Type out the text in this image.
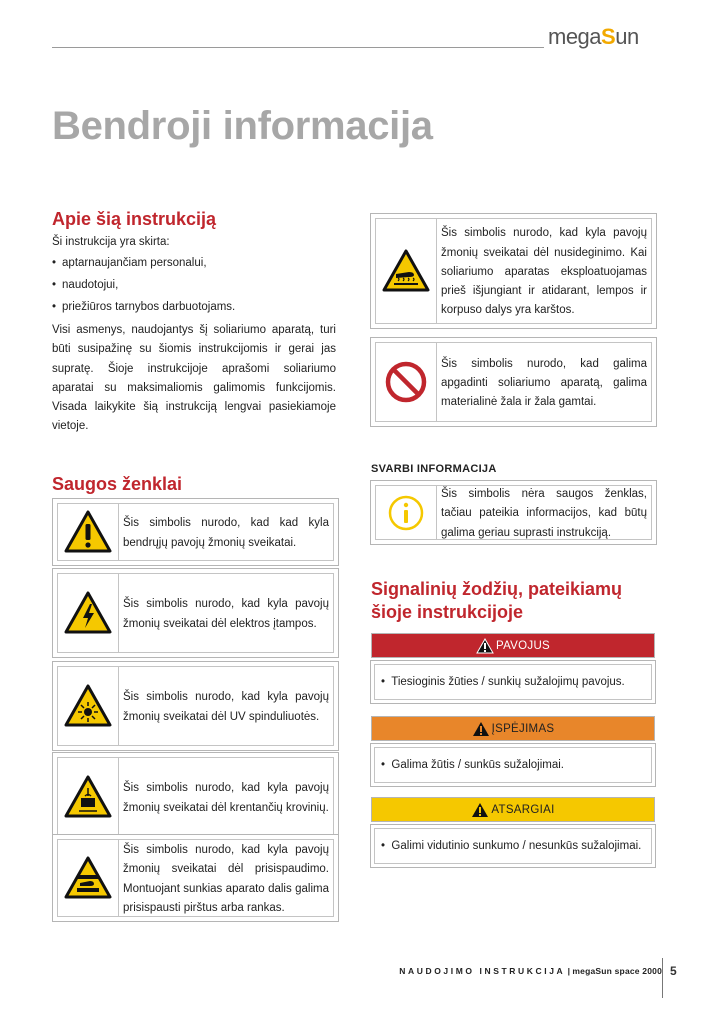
megaSun
Bendroji informacija
Apie šią instrukciją
Ši instrukcija yra skirta:
• aptarnaujančiam personalui,
• naudotojui,
• priežiūros tarnybos darbuotojams.
Visi asmenys, naudojantys šį soliariumo aparatą, turi būti susipažinę su šiomis instrukcijomis ir gerai jas supratę. Šioje instrukcijoje aprašomi soliariumo aparatai su maksimaliomis galimomis funkcijomis. Visada laikykite šią instrukciją lengvai pasiekiamoje vietoje.
Saugos ženklai
Šis simbolis nurodo, kad kad kyla bendrųjų pavojų žmonių sveikatai.
Šis simbolis nurodo, kad kyla pavojų žmonių sveikatai dėl elektros įtampos.
Šis simbolis nurodo, kad kyla pavojų žmonių sveikatai dėl UV spinduliuotės.
Šis simbolis nurodo, kad kyla pavojų žmonių sveikatai dėl krentančių krovinių.
Šis simbolis nurodo, kad kyla pavojų žmonių sveikatai dėl prisispaudimo. Montuojant sunkias aparato dalis galima prisispausti pirštus arba rankas.
Šis simbolis nurodo, kad kyla pavojų žmonių sveikatai dėl nusideginimo. Kai soliariumo aparatas eksploatuojamas prieš išjungiant ir atidarant, lempos ir korpuso dalys yra karštos.
Šis simbolis nurodo, kad galima apgadinti soliariumo aparatą, galima materialinė žala ir žala gamtai.
SVARBI INFORMACIJA
Šis simbolis nėra saugos ženklas, tačiau pateikia informacijos, kad būtų galima geriau suprasti instrukciją.
Signalinių žodžių, pateikiamų šioje instrukcijoje
PAVOJUS
•  Tiesioginis žūties / sunkių sužalojimų pavojus.
ĮSPĖJIMAS
•  Galima žūtis / sunkūs sužalojimai.
ATSARGIAI
•  Galimi vidutinio sunkumo / nesunkūs sužalojimai.
NAUDOJIMO INSTRUKCIJA | megaSun space 2000 5
